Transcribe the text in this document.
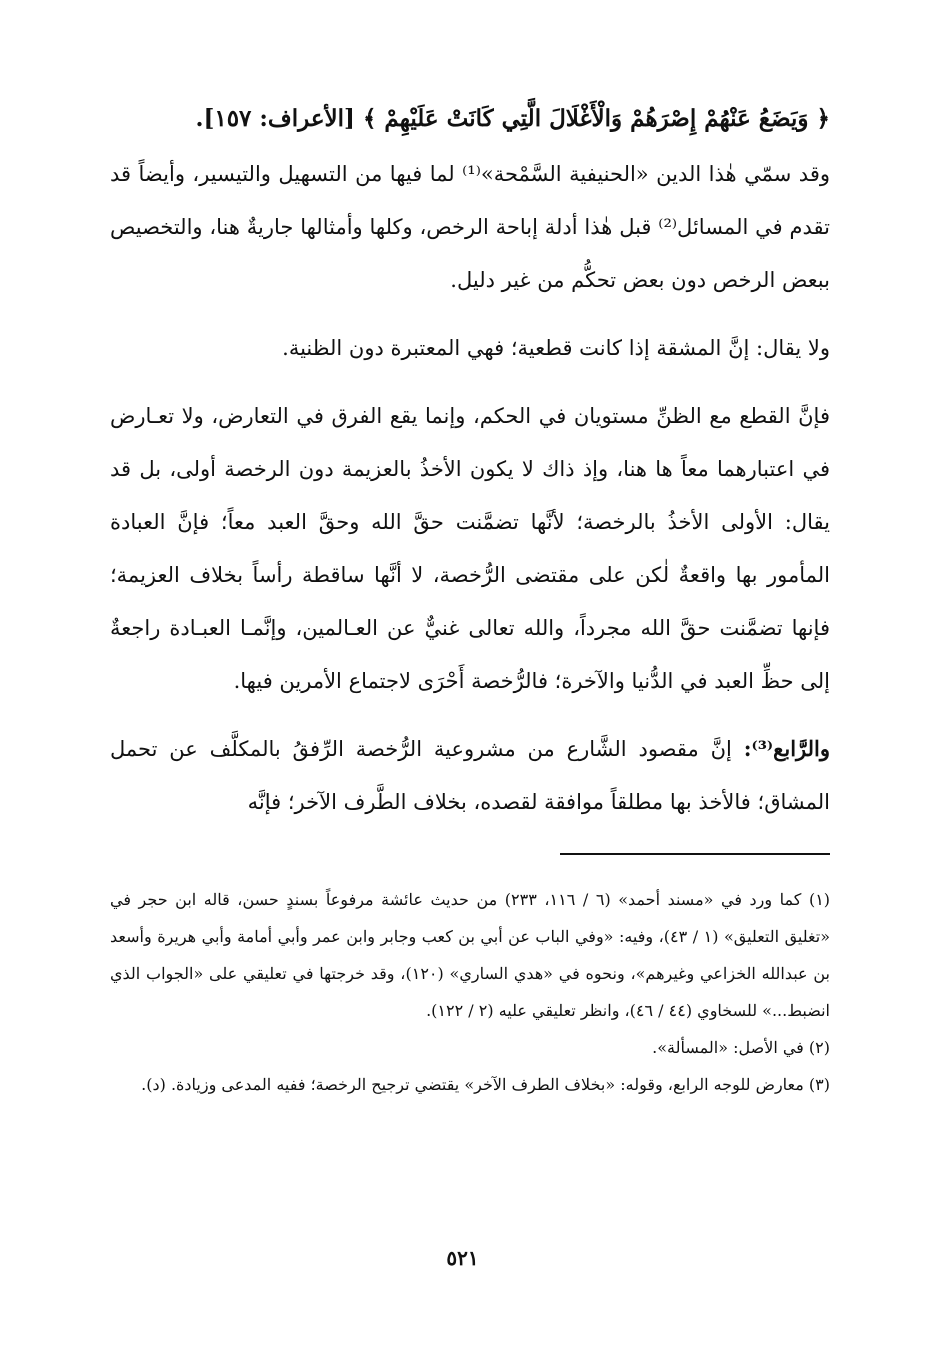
﴿ وَيَضَعُ عَنْهُمْ إِصْرَهُمْ وَالْأَغْلَالَ الَّتِي كَانَتْ عَلَيْهِمْ ﴾ [الأعراف: ١٥٧].

وقد سمّي هٰذا الدين «الحنيفية السَّمْحة»⁽¹⁾ لما فيها من التسهيل والتيسير، وأيضاً قد تقدم في المسائل⁽²⁾ قبل هٰذا أدلة إباحة الرخص، وكلها وأمثالها جاريةٌ هنا، والتخصيص ببعض الرخص دون بعض تحكُّم من غير دليل.

ولا يقال: إنَّ المشقة إذا كانت قطعية؛ فهي المعتبرة دون الظنية.

فإنَّ القطع مع الظنِّ مستويان في الحكم، وإنما يقع الفرق في التعارض، ولا تعـارض في اعتبارهما معاً ها هنا، وإذ ذاك لا يكون الأخذُ بالعزيمة دون الرخصة أولى، بل قد يقال: الأولى الأخذُ بالرخصة؛ لأنَّها تضمَّنت حقَّ الله وحقَّ العبد معاً؛ فإنَّ العبادة المأمور بها واقعةٌ لٰكن على مقتضى الرُّخصة، لا أنَّها ساقطة رأساً بخلاف العزيمة؛ فإنها تضمَّنت حقَّ الله مجرداً، والله تعالى غنيٌّ عن العـالمين، وإنَّمـا العبـادة راجعةٌ إلى حظِّ العبد في الدُّنيا والآخرة؛ فالرُّخصة أَحْرَى لاجتماع الأمرين فيها.

والرَّابع⁽³⁾: إنَّ مقصود الشَّارع من مشروعية الرُّخصة الرِّفقُ بالمكلَّف عن تحمل المشاق؛ فالأخذ بها مطلقاً موافقة لقصده، بخلاف الطَّرف الآخر؛ فإنَّه

(١) كما ورد في «مسند أحمد» (٦ / ١١٦، ٢٣٣) من حديث عائشة مرفوعاً بسندٍ حسن، قاله ابن حجر في «تغليق التعليق» (١ / ٤٣)، وفيه: «وفي الباب عن أبي بن كعب وجابر وابن عمر وأبي أمامة وأبي هريرة وأسعد بن عبدالله الخزاعي وغيرهم»، ونحوه في «هدي الساري» (١٢٠)، وقد خرجتها في تعليقي على «الجواب الذي انضبط...» للسخاوي (٤٤ / ٤٦)، وانظر تعليقي عليه (٢ / ١٢٢).

(٢) في الأصل: «المسألة».

(٣) معارض للوجه الرابع، وقوله: «بخلاف الطرف الآخر» يقتضي ترجيح الرخصة؛ ففيه المدعى وزيادة. (د).

٥٢١
